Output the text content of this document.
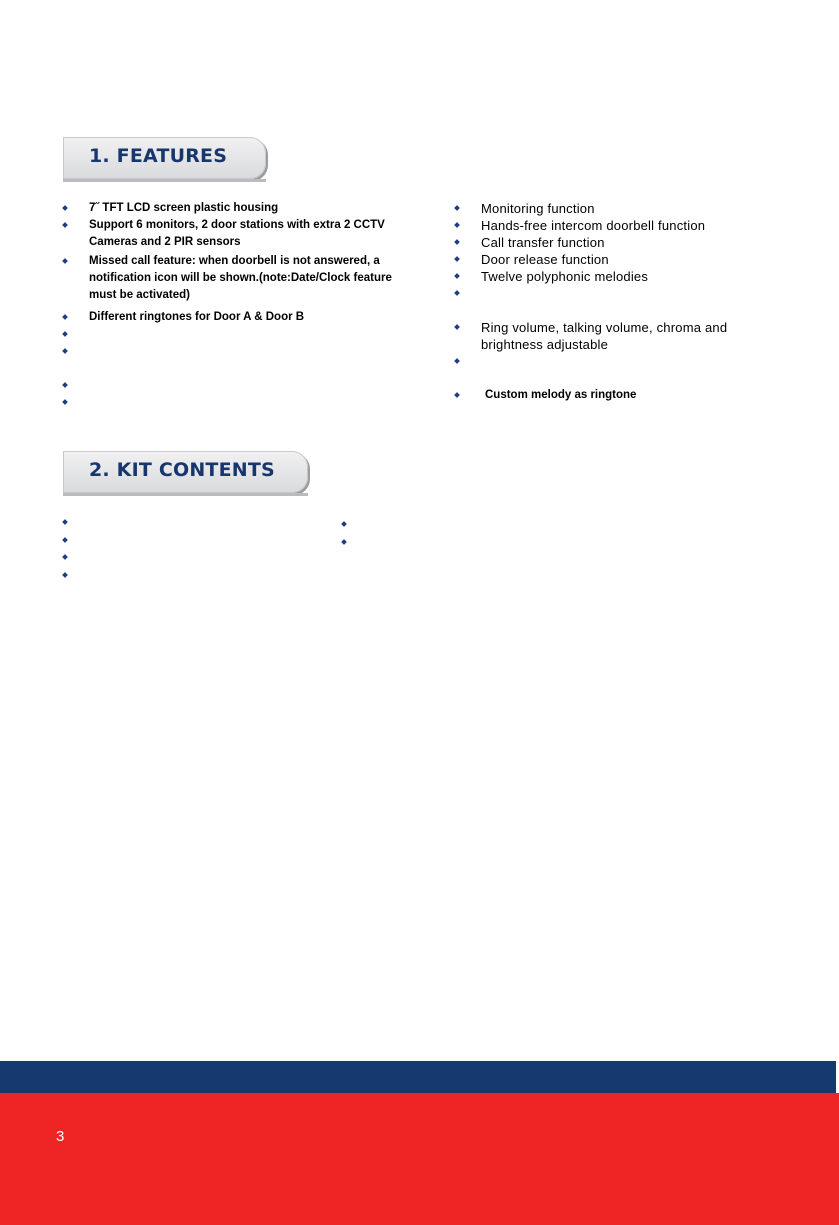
1. FEATURES
7˝ TFT LCD screen plastic housing
Support 6 monitors, 2 door stations with extra 2 CCTV Cameras and 2 PIR sensors
Missed call feature: when doorbell is not answered, a notification icon will be shown.(note:Date/Clock feature must be activated)
Different ringtones for Door A & Door B
Monitoring function
Hands-free intercom doorbell function
Call transfer function
Door release function
Twelve polyphonic melodies
Ring volume, talking volume, chroma and brightness adjustable
Custom melody as ringtone
2. KIT CONTENTS
3
